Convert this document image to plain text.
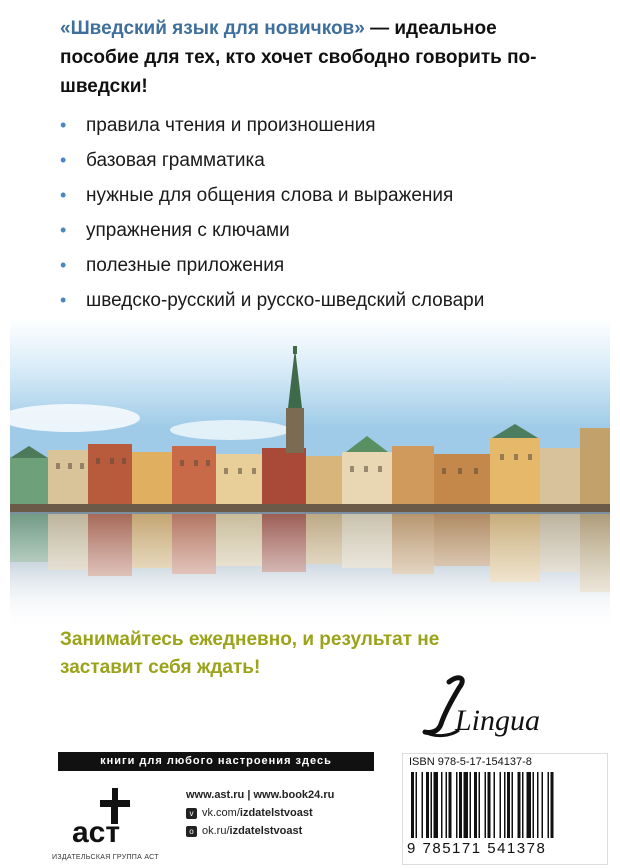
«Шведский язык для новичков» — идеальное пособие для тех, кто хочет свободно говорить по-шведски!
• правила чтения и произношения
• базовая грамматика
• нужные для общения слова и выражения
• упражнения с ключами
• полезные приложения
• шведско-русский и русско-шведский словари
Занимайтесь ежедневно, и результат не заставит себя ждать!
Lingua
книги для любого настроения здесь
аст
ИЗДАТЕЛЬСКАЯ ГРУППА АСТ
www.ast.ru | www.book24.ru
v vk.com/izdatelstvoast
o ok.ru/izdatelstvoast
ISBN 978-5-17-154137-8
9 785171 541378
